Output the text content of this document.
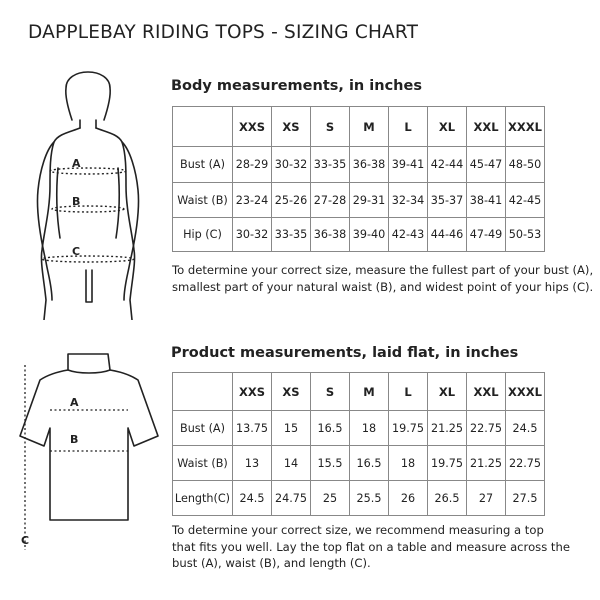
DAPPLEBAY RIDING TOPS - SIZING CHART
A
B
C
Body measurements, in inches
	XXS	XS	S	M	L	XL	XXL	XXXL
Bust (A)	28-29	30-32	33-35	36-38	39-41	42-44	45-47	48-50
Waist (B)	23-24	25-26	27-28	29-31	32-34	35-37	38-41	42-45
Hip (C)	30-32	33-35	36-38	39-40	42-43	44-46	47-49	50-53
To determine your correct size, measure the fullest part of your bust (A),
smallest part of your natural waist (B), and widest point of your hips (C).
A
B
C
Product measurements, laid flat, in inches
	XXS	XS	S	M	L	XL	XXL	XXXL
Bust (A)	13.75	15	16.5	18	19.75	21.25	22.75	24.5
Waist (B)	13	14	15.5	16.5	18	19.75	21.25	22.75
Length(C)	24.5	24.75	25	25.5	26	26.5	27	27.5
To determine your correct size, we recommend measuring a top
that fits you well. Lay the top flat on a table and measure across the
bust (A), waist (B), and length (C).
